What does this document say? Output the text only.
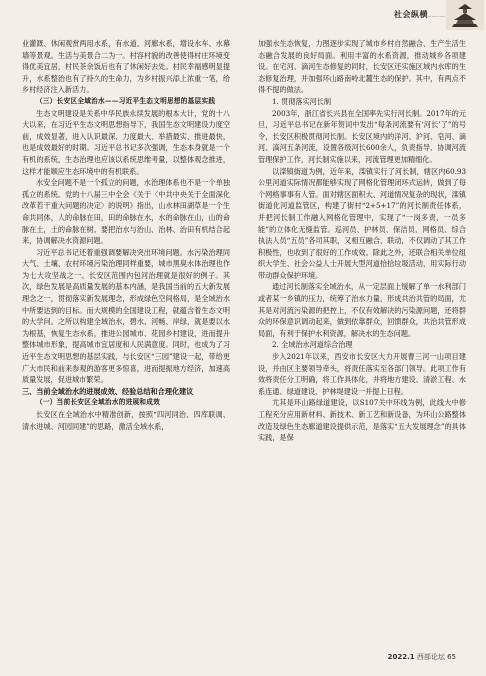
社会纵横
………

业灌溉、休闲观赏两用水系，有水道、河廊水系，增设水车、水幕墙等景观。生活与美景合二为一。村容村貌的改善使得村庄环境变得优美宜居，村民茶余饭后也有了休闲好去处。村民幸福感明显提升，水系整治也有了持久的生命力，为乡村振兴添上浓重一笔，给乡村经济注入新活力。

（三）长安区全域治水——习近平生态文明思想的基层实践

生态文明建设是关系中华民族永续发展的根本大计，党的十八大以来，在习近平生态文明思想指导下，我国生态文明建设力度空前，成效显著，进入认识最深、力度最大、举措最实、推进最快，也是成效最好的时期。习近平总书记多次强调，生态本身就是一个有机的系统，生态治理也应该以系统思维考量，以整体观念推进，这样才能顺应生态环境中的有机联系。

水安全问题不是一个孤立的问题，水治理体系也不是一个单独孤立的系统。党的十八届三中全会《关于〈中共中央关于全面深化改革若干重大问题的决定〉的说明》指出，山水林田湖草是一个生命共同体，人的命脉在田，田的命脉在水，水的命脉在山，山的命脉在土，土的命脉在树。要把治水与治山、治林、治田有机结合起来，协调解决水资源问题。

习近平总书记还着重强调要解决突出环境问题。水污染治理同大气、土壤、农村环境污染治理同样重要，城市黑臭水体治理也作为七大攻坚战之一。长安区范围内包河治理就是很好的例子。其次，绿色发展是高质量发展的基本内涵，是我国当前的五大新发展理念之一，贯彻落实新发展理念，形成绿色空间格局，是全域治水中所要达到的目标。而大规模的全国建设工程，就蕴含着生态文明的大学问。之所以构建全域治水，碧水、河畅、岸绿，就是要以水为根基，恢复生态水系，推进公园城市、花园乡村建设，进而提升整体城市形象，提高城市宜居度和人民满意度。同时，也成为了习近平生态文明思想的基层实践，与长安区“三园”建设一起，带给更广大市民和前来参观的游客更多惊喜，进而提振地方经济，加速高质量发展，促进城市繁荣。

三、当前全域治水的进展成效、经验总结和合理化建议
（一）当前长安区全域治水的进展和成效

长安区在全域治水中精准创新，按照“四河同治、四库联调、清水进城、河园同建”的思路，激活全域水系，

加强水生态恢复，力图逐步实现了城市乡村自然融合、生产生活生态融合发展的良好局面。利用丰富的水系资源，推动城乡各项建设。在宅河、滴河生态修复的同时，长安区还实施区域内水库的生态修复治理，并加强环山路南岭北麓生态的保护。其中，有两点不得不提的做法。

1. 贯彻落实河长制

2003年，浙江省长兴县在全国率先实行河长制。2017年的元旦，习近平总书记在新年贺词中发出“每条河流要有‘河长’了”的号令，长安区积极贯彻河长制。长安区境内的洋河、沪河、皂河、滴河、滈河五条河流，设置各级河长600余人，负责指导、协调河流管理保护工作，河长制实施以来，河流管理更加精细化。

以滦镇街道为例，近年来，滦镇实行了河长制，辖区内60.93公里河道实际情况都能够实现了网格化管理闭环式运转，做到了每个网格事事有人管。面对辖区面积大、河道情况复杂的现状，滦镇街道化河道监管区，构建了街村“2+5+17”的河长制责任体系，并把河长制工作融入网格化管理中，实现了“一岗多责，一员多能”的立体化无缝监管。巡河员、护林员、保洁员、网格员、综合执法人员“五员”各司其职，又相互融合、联动，不仅调动了其工作积极性，也收到了很好的工作成效。除此之外，还联合相关单位组织大学生、社会公益人士开展大型河道拾拾垃圾活动，用实际行动带动群众保护环境。

通过河长制落实全域治水，从一定层面上缓解了单一水利部门或者某一乡镇的压力，统筹了治水力量，形成共治共管的局面，尤其是对河流污染源的把控上，不仅有效解决的污染源问题，还将群众的环保意识调动起来，做到依靠群众，回馈群众，共治共管形成局面，有利于保护水利资源，解决水的生态问题。

2. 全域治水河道综合治理

步入2021年以来，西安市长安区大力开展曹三河一山项目建设，并由区主要领导牵头，将责任落实至各部门领导。此项工作有效将责任分工明确，将工作具体化，并将地方建设、清淤工程、水系连通、绿道建设、护林堤建设一并提上日程。

尤其是环山路绿道建设，以S107关中环线为例，此线大中修工程充分应用新材料、新技术、新工艺和新设备，为环山公路整体改造及绿色生态廊道建设提供示范，是落实“五大发展理念”的具体实践，是保

2022.1 西部论坛 65
